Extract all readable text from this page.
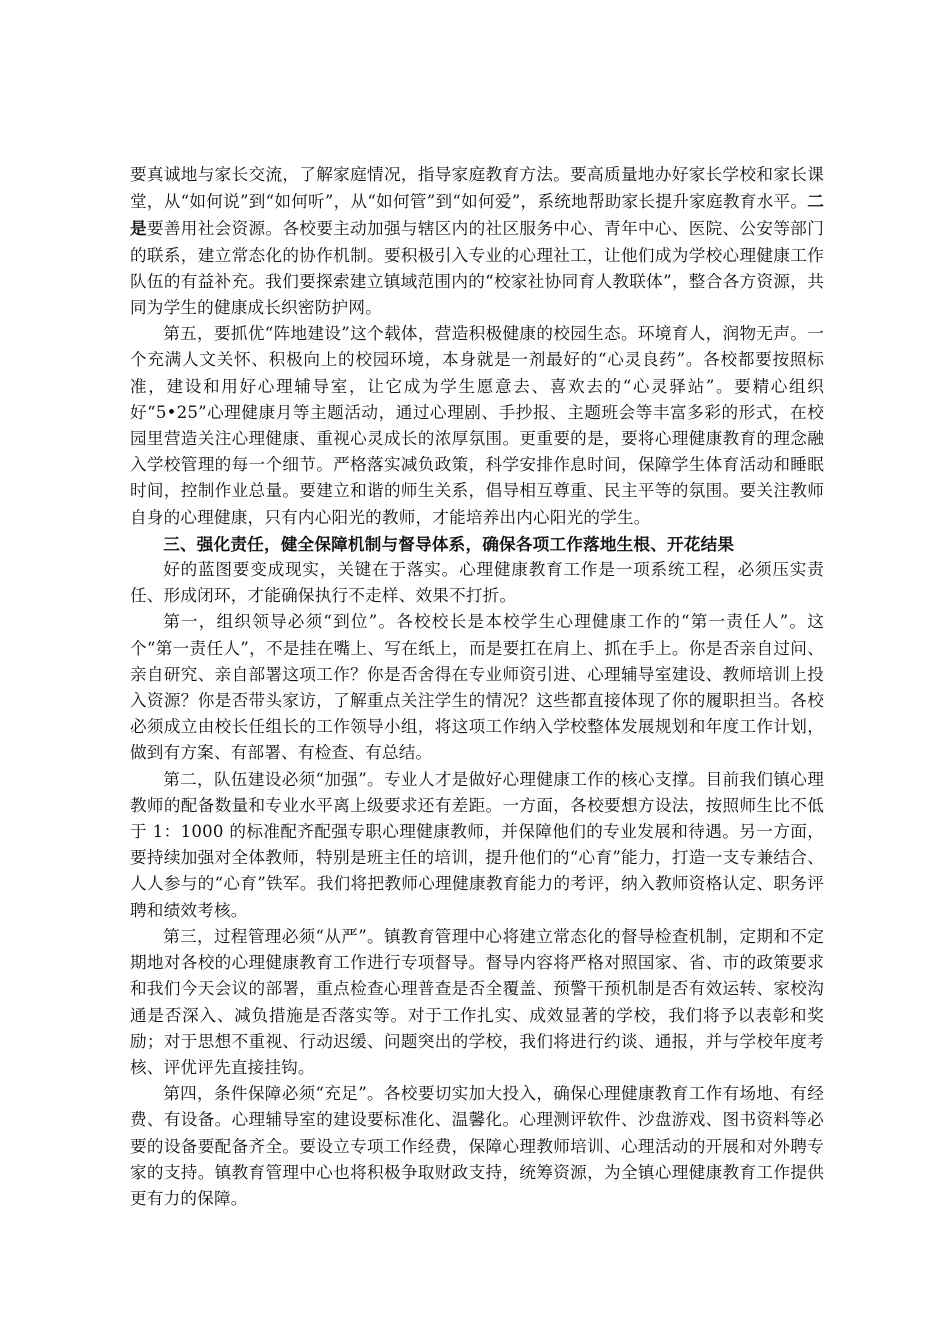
要真诚地与家长交流，了解家庭情况，指导家庭教育方法。要高质量地办好家长学校和家长课堂，从“如何说”到“如何听”，从“如何管”到“如何爱”，系统地帮助家长提升家庭教育水平。二是要善用社会资源。各校要主动加强与辖区内的社区服务中心、青年中心、医院、公安等部门的联系，建立常态化的协作机制。要积极引入专业的心理社工，让他们成为学校心理健康工作队伍的有益补充。我们要探索建立镇域范围内的“校家社协同育人教联体”，整合各方资源，共同为学生的健康成长织密防护网。

第五，要抓优“阵地建设”这个载体，营造积极健康的校园生态。环境育人，润物无声。一个充满人文关怀、积极向上的校园环境，本身就是一剂最好的“心灵良药”。各校都要按照标准，建设和用好心理辅导室，让它成为学生愿意去、喜欢去的“心灵驿站”。要精心组织好“5•25”心理健康月等主题活动，通过心理剧、手抄报、主题班会等丰富多彩的形式，在校园里营造关注心理健康、重视心灵成长的浓厚氛围。更重要的是，要将心理健康教育的理念融入学校管理的每一个细节。严格落实减负政策，科学安排作息时间，保障学生体育活动和睡眠时间，控制作业总量。要建立和谐的师生关系，倡导相互尊重、民主平等的氛围。要关注教师自身的心理健康，只有内心阳光的教师，才能培养出内心阳光的学生。

三、强化责任，健全保障机制与督导体系，确保各项工作落地生根、开花结果

好的蓝图要变成现实，关键在于落实。心理健康教育工作是一项系统工程，必须压实责任、形成闭环，才能确保执行不走样、效果不打折。

第一，组织领导必须“到位”。各校校长是本校学生心理健康工作的“第一责任人”。这个“第一责任人”，不是挂在嘴上、写在纸上，而是要扛在肩上、抓在手上。你是否亲自过问、亲自研究、亲自部署这项工作？你是否舍得在专业师资引进、心理辅导室建设、教师培训上投入资源？你是否带头家访，了解重点关注学生的情况？这些都直接体现了你的履职担当。各校必须成立由校长任组长的工作领导小组，将这项工作纳入学校整体发展规划和年度工作计划，做到有方案、有部署、有检查、有总结。

第二，队伍建设必须“加强”。专业人才是做好心理健康工作的核心支撑。目前我们镇心理教师的配备数量和专业水平离上级要求还有差距。一方面，各校要想方设法，按照师生比不低于 1：1000 的标准配齐配强专职心理健康教师，并保障他们的专业发展和待遇。另一方面，要持续加强对全体教师，特别是班主任的培训，提升他们的“心育”能力，打造一支专兼结合、人人参与的“心育”铁军。我们将把教师心理健康教育能力的考评，纳入教师资格认定、职务评聘和绩效考核。

第三，过程管理必须“从严”。镇教育管理中心将建立常态化的督导检查机制，定期和不定期地对各校的心理健康教育工作进行专项督导。督导内容将严格对照国家、省、市的政策要求和我们今天会议的部署，重点检查心理普查是否全覆盖、预警干预机制是否有效运转、家校沟通是否深入、减负措施是否落实等。对于工作扎实、成效显著的学校，我们将予以表彰和奖励；对于思想不重视、行动迟缓、问题突出的学校，我们将进行约谈、通报，并与学校年度考核、评优评先直接挂钩。

第四，条件保障必须“充足”。各校要切实加大投入，确保心理健康教育工作有场地、有经费、有设备。心理辅导室的建设要标准化、温馨化。心理测评软件、沙盘游戏、图书资料等必要的设备要配备齐全。要设立专项工作经费，保障心理教师培训、心理活动的开展和对外聘专家的支持。镇教育管理中心也将积极争取财政支持，统筹资源，为全镇心理健康教育工作提供更有力的保障。
